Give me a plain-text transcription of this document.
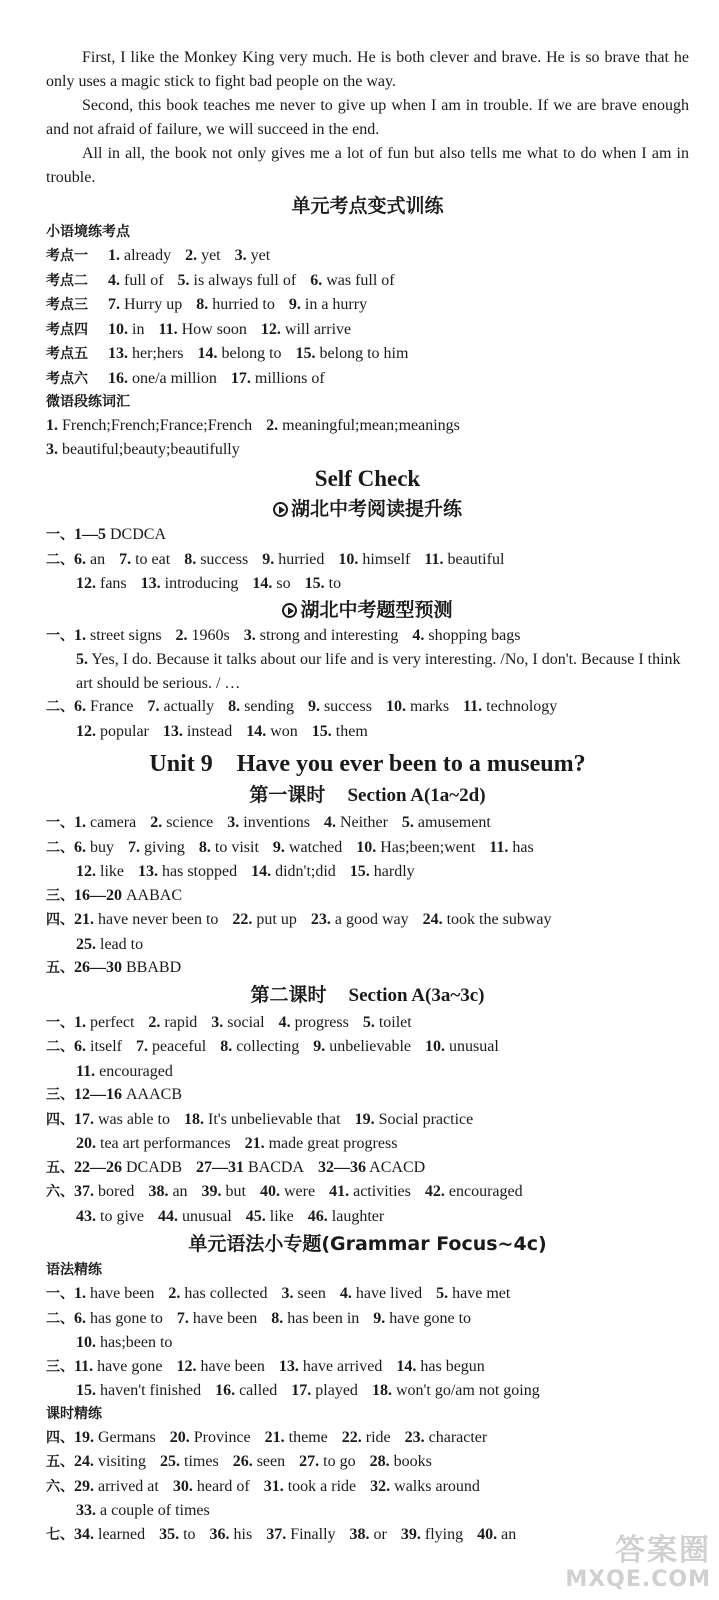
First, I like the Monkey King very much. He is both clever and brave. He is so brave that he only uses a magic stick to fight bad people on the way.

Second, this book teaches me never to give up when I am in trouble. If we are brave enough and not afraid of failure, we will succeed in the end.

All in all, the book not only gives me a lot of fun but also tells me what to do when I am in trouble.

单元考点变式训练
小语境练考点
考点一 1. already 2. yet 3. yet
考点二 4. full of 5. is always full of 6. was full of
考点三 7. Hurry up 8. hurried to 9. in a hurry
考点四 10. in 11. How soon 12. will arrive
考点五 13. her;hers 14. belong to 15. belong to him
考点六 16. one/a million 17. millions of
微语段练词汇
1. French;French;France;French 2. meaningful;mean;meanings
3. beautiful;beauty;beautifully
Self Check
湖北中考阅读提升练
一、1—5 DCDCA
二、6. an 7. to eat 8. success 9. hurried 10. himself 11. beautiful
12. fans 13. introducing 14. so 15. to
湖北中考题型预测
一、1. street signs 2. 1960s 3. strong and interesting 4. shopping bags
5. Yes, I do. Because it talks about our life and is very interesting. /No, I don't. Because I think art should be serious. / …
二、6. France 7. actually 8. sending 9. success 10. marks 11. technology
12. popular 13. instead 14. won 15. them
Unit 9    Have you ever been to a museum?
第一课时 Section A(1a~2d)
一、1. camera 2. science 3. inventions 4. Neither 5. amusement
二、6. buy 7. giving 8. to visit 9. watched 10. Has;been;went 11. has
12. like 13. has stopped 14. didn't;did 15. hardly
三、16—20 AABAC
四、21. have never been to 22. put up 23. a good way 24. took the subway
25. lead to
五、26—30 BBABD
第二课时 Section A(3a~3c)
一、1. perfect 2. rapid 3. social 4. progress 5. toilet
二、6. itself 7. peaceful 8. collecting 9. unbelievable 10. unusual
11. encouraged
三、12—16 AAACB
四、17. was able to 18. It's unbelievable that 19. Social practice
20. tea art performances 21. made great progress
五、22—26 DCADB 27—31 BACDA 32—36 ACACD
六、37. bored 38. an 39. but 40. were 41. activities 42. encouraged
43. to give 44. unusual 45. like 46. laughter
单元语法小专题(Grammar Focus~4c)
语法精练
一、1. have been 2. has collected 3. seen 4. have lived 5. have met
二、6. has gone to 7. have been 8. has been in 9. have gone to
10. has;been to
三、11. have gone 12. have been 13. have arrived 14. has begun
15. haven't finished 16. called 17. played 18. won't go/am not going
课时精练
四、19. Germans 20. Province 21. theme 22. ride 23. character
五、24. visiting 25. times 26. seen 27. to go 28. books
六、29. arrived at 30. heard of 31. took a ride 32. walks around
33. a couple of times
七、34. learned 35. to 36. his 37. Finally 38. or 39. flying 40. an	答案圈
MXQE.COM
